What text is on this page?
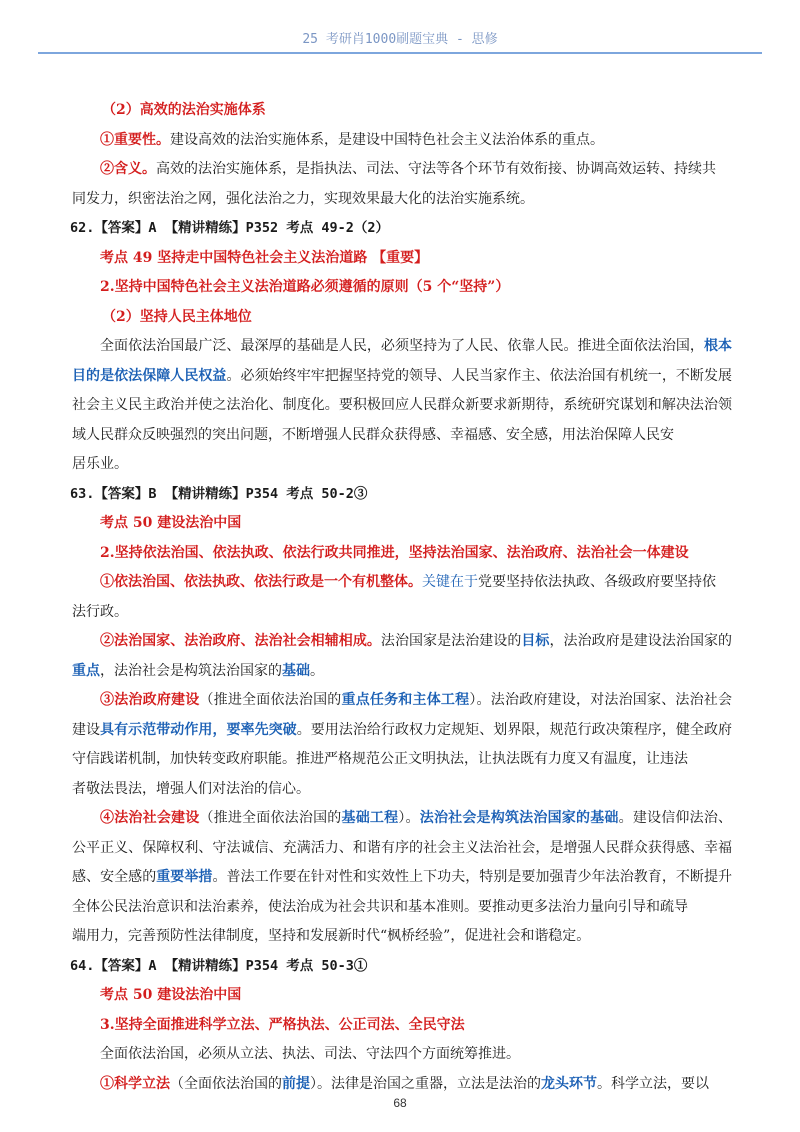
25 考研肖1000刷题宝典 - 思修
（2）高效的法治实施体系
①重要性。建设高效的法治实施体系，是建设中国特色社会主义法治体系的重点。
②含义。高效的法治实施体系，是指执法、司法、守法等各个环节有效衔接、协调高效运转、持续共
同发力，织密法治之网，强化法治之力，实现效果最大化的法治实施系统。
62.【答案】A 【精讲精练】P352 考点 49-2（2）
考点 49 坚持走中国特色社会主义法治道路 【重要】
2.坚持中国特色社会主义法治道路必须遵循的原则（5 个“坚持”）
（2）坚持人民主体地位
全面依法治国最广泛、最深厚的基础是人民，必须坚持为了人民、依靠人民。推进全面依法治国，根本目的是依法保障人民权益。必须始终牢牢把握坚持党的领导、人民当家作主、依法治国有机统一，不断发展社会主义民主政治并使之法治化、制度化。要积极回应人民群众新要求新期待，系统研究谋划和解决法治领域人民群众反映强烈的突出问题，不断增强人民群众获得感、幸福感、安全感，用法治保障人民安
居乐业。
63.【答案】B 【精讲精练】P354 考点 50-2③
考点 50 建设法治中国
2.坚持依法治国、依法执政、依法行政共同推进，坚持法治国家、法治政府、法治社会一体建设
①依法治国、依法执政、依法行政是一个有机整体。关键在于党要坚持依法执政、各级政府要坚持依
法行政。
②法治国家、法治政府、法治社会相辅相成。法治国家是法治建设的目标，法治政府是建设法治国家的重点，法治社会是构筑法治国家的基础。
③法治政府建设（推进全面依法治国的重点任务和主体工程）。法治政府建设，对法治国家、法治社会建设具有示范带动作用，要率先突破。要用法治给行政权力定规矩、划界限，规范行政决策程序，健全政府守信践诺机制，加快转变政府职能。推进严格规范公正文明执法，让执法既有力度又有温度，让违法
者敬法畏法，增强人们对法治的信心。
④法治社会建设（推进全面依法治国的基础工程）。法治社会是构筑法治国家的基础。建设信仰法治、公平正义、保障权利、守法诚信、充满活力、和谐有序的社会主义法治社会，是增强人民群众获得感、幸福感、安全感的重要举措。普法工作要在针对性和实效性上下功夫，特别是要加强青少年法治教育，不断提升全体公民法治意识和法治素养，使法治成为社会共识和基本准则。要推动更多法治力量向引导和疏导
端用力，完善预防性法律制度，坚持和发展新时代“枫桥经验”，促进社会和谐稳定。
64.【答案】A 【精讲精练】P354 考点 50-3①
考点 50 建设法治中国
3.坚持全面推进科学立法、严格执法、公正司法、全民守法
全面依法治国，必须从立法、执法、司法、守法四个方面统筹推进。
①科学立法（全面依法治国的前提）。法律是治国之重器，立法是法治的龙头环节。科学立法，要以
68
